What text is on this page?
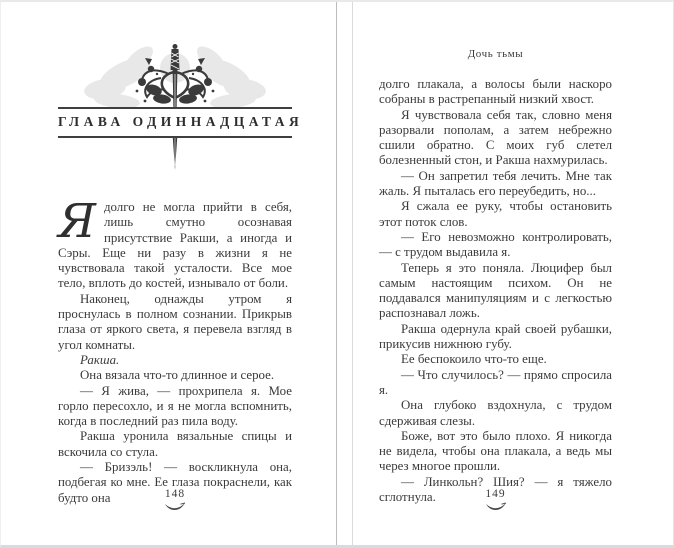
ГЛАВА ОДИННАДЦАТАЯ

Ядолго не могла прийти в себя, лишь смутно осознавая присутствие Ракши, а иногда и Сэры. Еще ни разу в жизни я не чувствовала такой усталости. Все мое тело, вплоть до костей, изнывало от боли.

Наконец, однажды утром я проснулась в полном сознании. Прикрыв глаза от яркого света, я перевела взгляд в угол комнаты.

Ракша.

Она вязала что-то длинное и серое.

— Я жива, — прохрипела я. Мое горло пересохло, и я не могла вспомнить, когда в последний раз пила воду.

Ракша уронила вязальные спицы и вскочила со стула.

— Бризэль! — воскликнула она, подбегая ко мне. Ее глаза покраснели, как будто она	148
Дочь тьмы

долго плакала, а волосы были наскоро собраны в растрепанный низкий хвост.

Я чувствовала себя так, словно меня разорвали пополам, а затем небрежно сшили обратно. С моих губ слетел болезненный стон, и Ракша нахмурилась.

— Он запретил тебя лечить. Мне так жаль. Я пыталась его переубедить, но...

Я сжала ее руку, чтобы остановить этот поток слов.

— Его невозможно контролировать, — с трудом выдавила я.

Теперь я это поняла. Люцифер был самым настоящим психом. Он не поддавался манипуляциям и с легкостью распознавал ложь.

Ракша одернула край своей рубашки, прикусив нижнюю губу.

Ее беспокоило что-то еще.

— Что случилось? — прямо спросила я.

Она глубоко вздохнула, с трудом сдерживая слезы.

Боже, вот это было плохо. Я никогда не видела, чтобы она плакала, а ведь мы через многое прошли.

— Линкольн? Шия? — я тяжело сглотнула.	149
